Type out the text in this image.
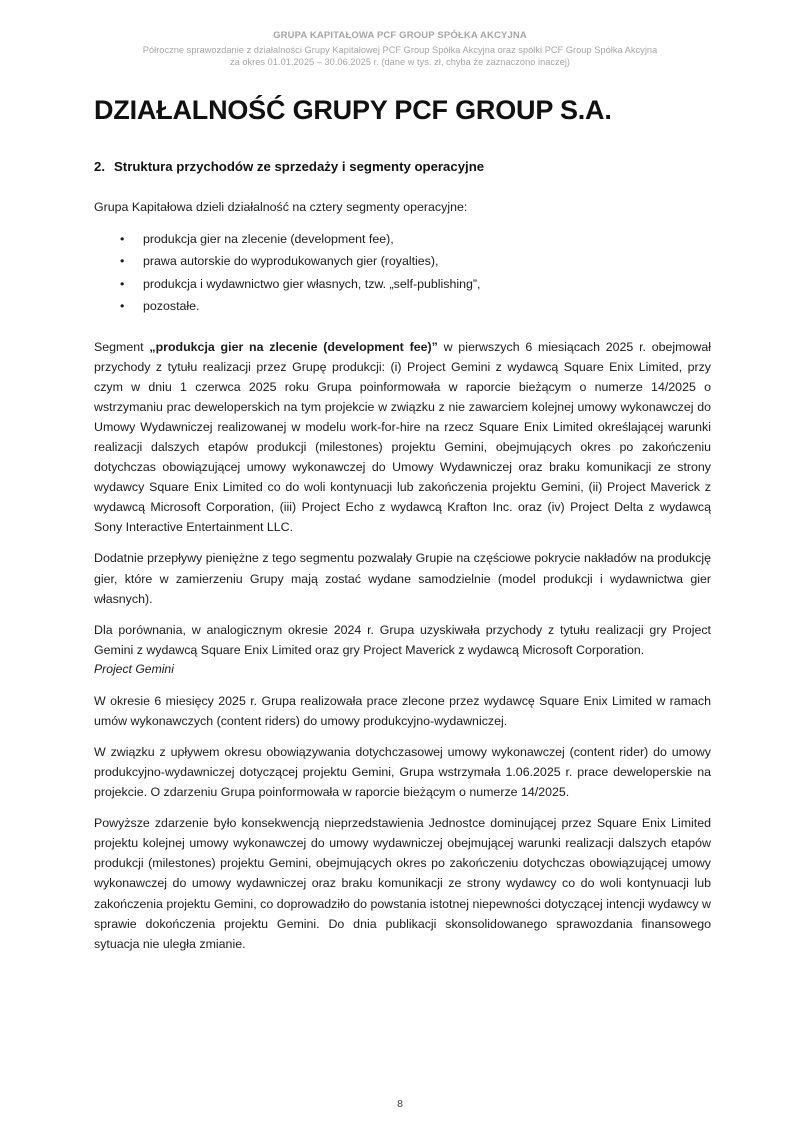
GRUPA KAPITAŁOWA PCF GROUP SPÓŁKA AKCYJNA
Półroczne sprawozdanie z działalności Grupy Kapitałowej PCF Group Spółka Akcyjna oraz spółki PCF Group Spółka Akcyjna
za okres 01.01.2025 – 30.06.2025 r. (dane w tys. zł, chyba że zaznaczono inaczej)
DZIAŁALNOŚĆ GRUPY PCF GROUP S.A.
2. Struktura przychodów ze sprzedaży i segmenty operacyjne

Grupa Kapitałowa dzieli działalność na cztery segmenty operacyjne:

• produkcja gier na zlecenie (development fee),
• prawa autorskie do wyprodukowanych gier (royalties),
• produkcja i wydawnictwo gier własnych, tzw. „self-publishing”,
• pozostałe.

Segment „produkcja gier na zlecenie (development fee)” w pierwszych 6 miesiącach 2025 r. obejmował przychody z tytułu realizacji przez Grupę produkcji: (i) Project Gemini z wydawcą Square Enix Limited, przy czym w dniu 1 czerwca 2025 roku Grupa poinformowała w raporcie bieżącym o numerze 14/2025 o wstrzymaniu prac deweloperskich na tym projekcie w związku z nie zawarciem kolejnej umowy wykonawczej do Umowy Wydawniczej realizowanej w modelu work-for-hire na rzecz Square Enix Limited określającej warunki realizacji dalszych etapów produkcji (milestones) projektu Gemini, obejmujących okres po zakończeniu dotychczas obowiązującej umowy wykonawczej do Umowy Wydawniczej oraz braku komunikacji ze strony wydawcy Square Enix Limited co do woli kontynuacji lub zakończenia projektu Gemini, (ii) Project Maverick z wydawcą Microsoft Corporation, (iii) Project Echo z wydawcą Krafton Inc. oraz (iv) Project Delta z wydawcą Sony Interactive Entertainment LLC.

Dodatnie przepływy pieniężne z tego segmentu pozwalały Grupie na częściowe pokrycie nakładów na produkcję gier, które w zamierzeniu Grupy mają zostać wydane samodzielnie (model produkcji i wydawnictwa gier własnych).

Dla porównania, w analogicznym okresie 2024 r. Grupa uzyskiwała przychody z tytułu realizacji gry Project Gemini z wydawcą Square Enix Limited oraz gry Project Maverick z wydawcą Microsoft Corporation.

Project Gemini

W okresie 6 miesięcy 2025 r. Grupa realizowała prace zlecone przez wydawcę Square Enix Limited w ramach umów wykonawczych (content riders) do umowy produkcyjno-wydawniczej.

W związku z upływem okresu obowiązywania dotychczasowej umowy wykonawczej (content rider) do umowy produkcyjno-wydawniczej dotyczącej projektu Gemini, Grupa wstrzymała 1.06.2025 r. prace deweloperskie na projekcie. O zdarzeniu Grupa poinformowała w raporcie bieżącym o numerze 14/2025.

Powyższe zdarzenie było konsekwencją nieprzedstawienia Jednostce dominującej przez Square Enix Limited projektu kolejnej umowy wykonawczej do umowy wydawniczej obejmującej warunki realizacji dalszych etapów produkcji (milestones) projektu Gemini, obejmujących okres po zakończeniu dotychczas obowiązującej umowy wykonawczej do umowy wydawniczej oraz braku komunikacji ze strony wydawcy co do woli kontynuacji lub zakończenia projektu Gemini, co doprowadziło do powstania istotnej niepewności dotyczącej intencji wydawcy w sprawie dokończenia projektu Gemini. Do dnia publikacji skonsolidowanego sprawozdania finansowego sytuacja nie uległa zmianie.

8
